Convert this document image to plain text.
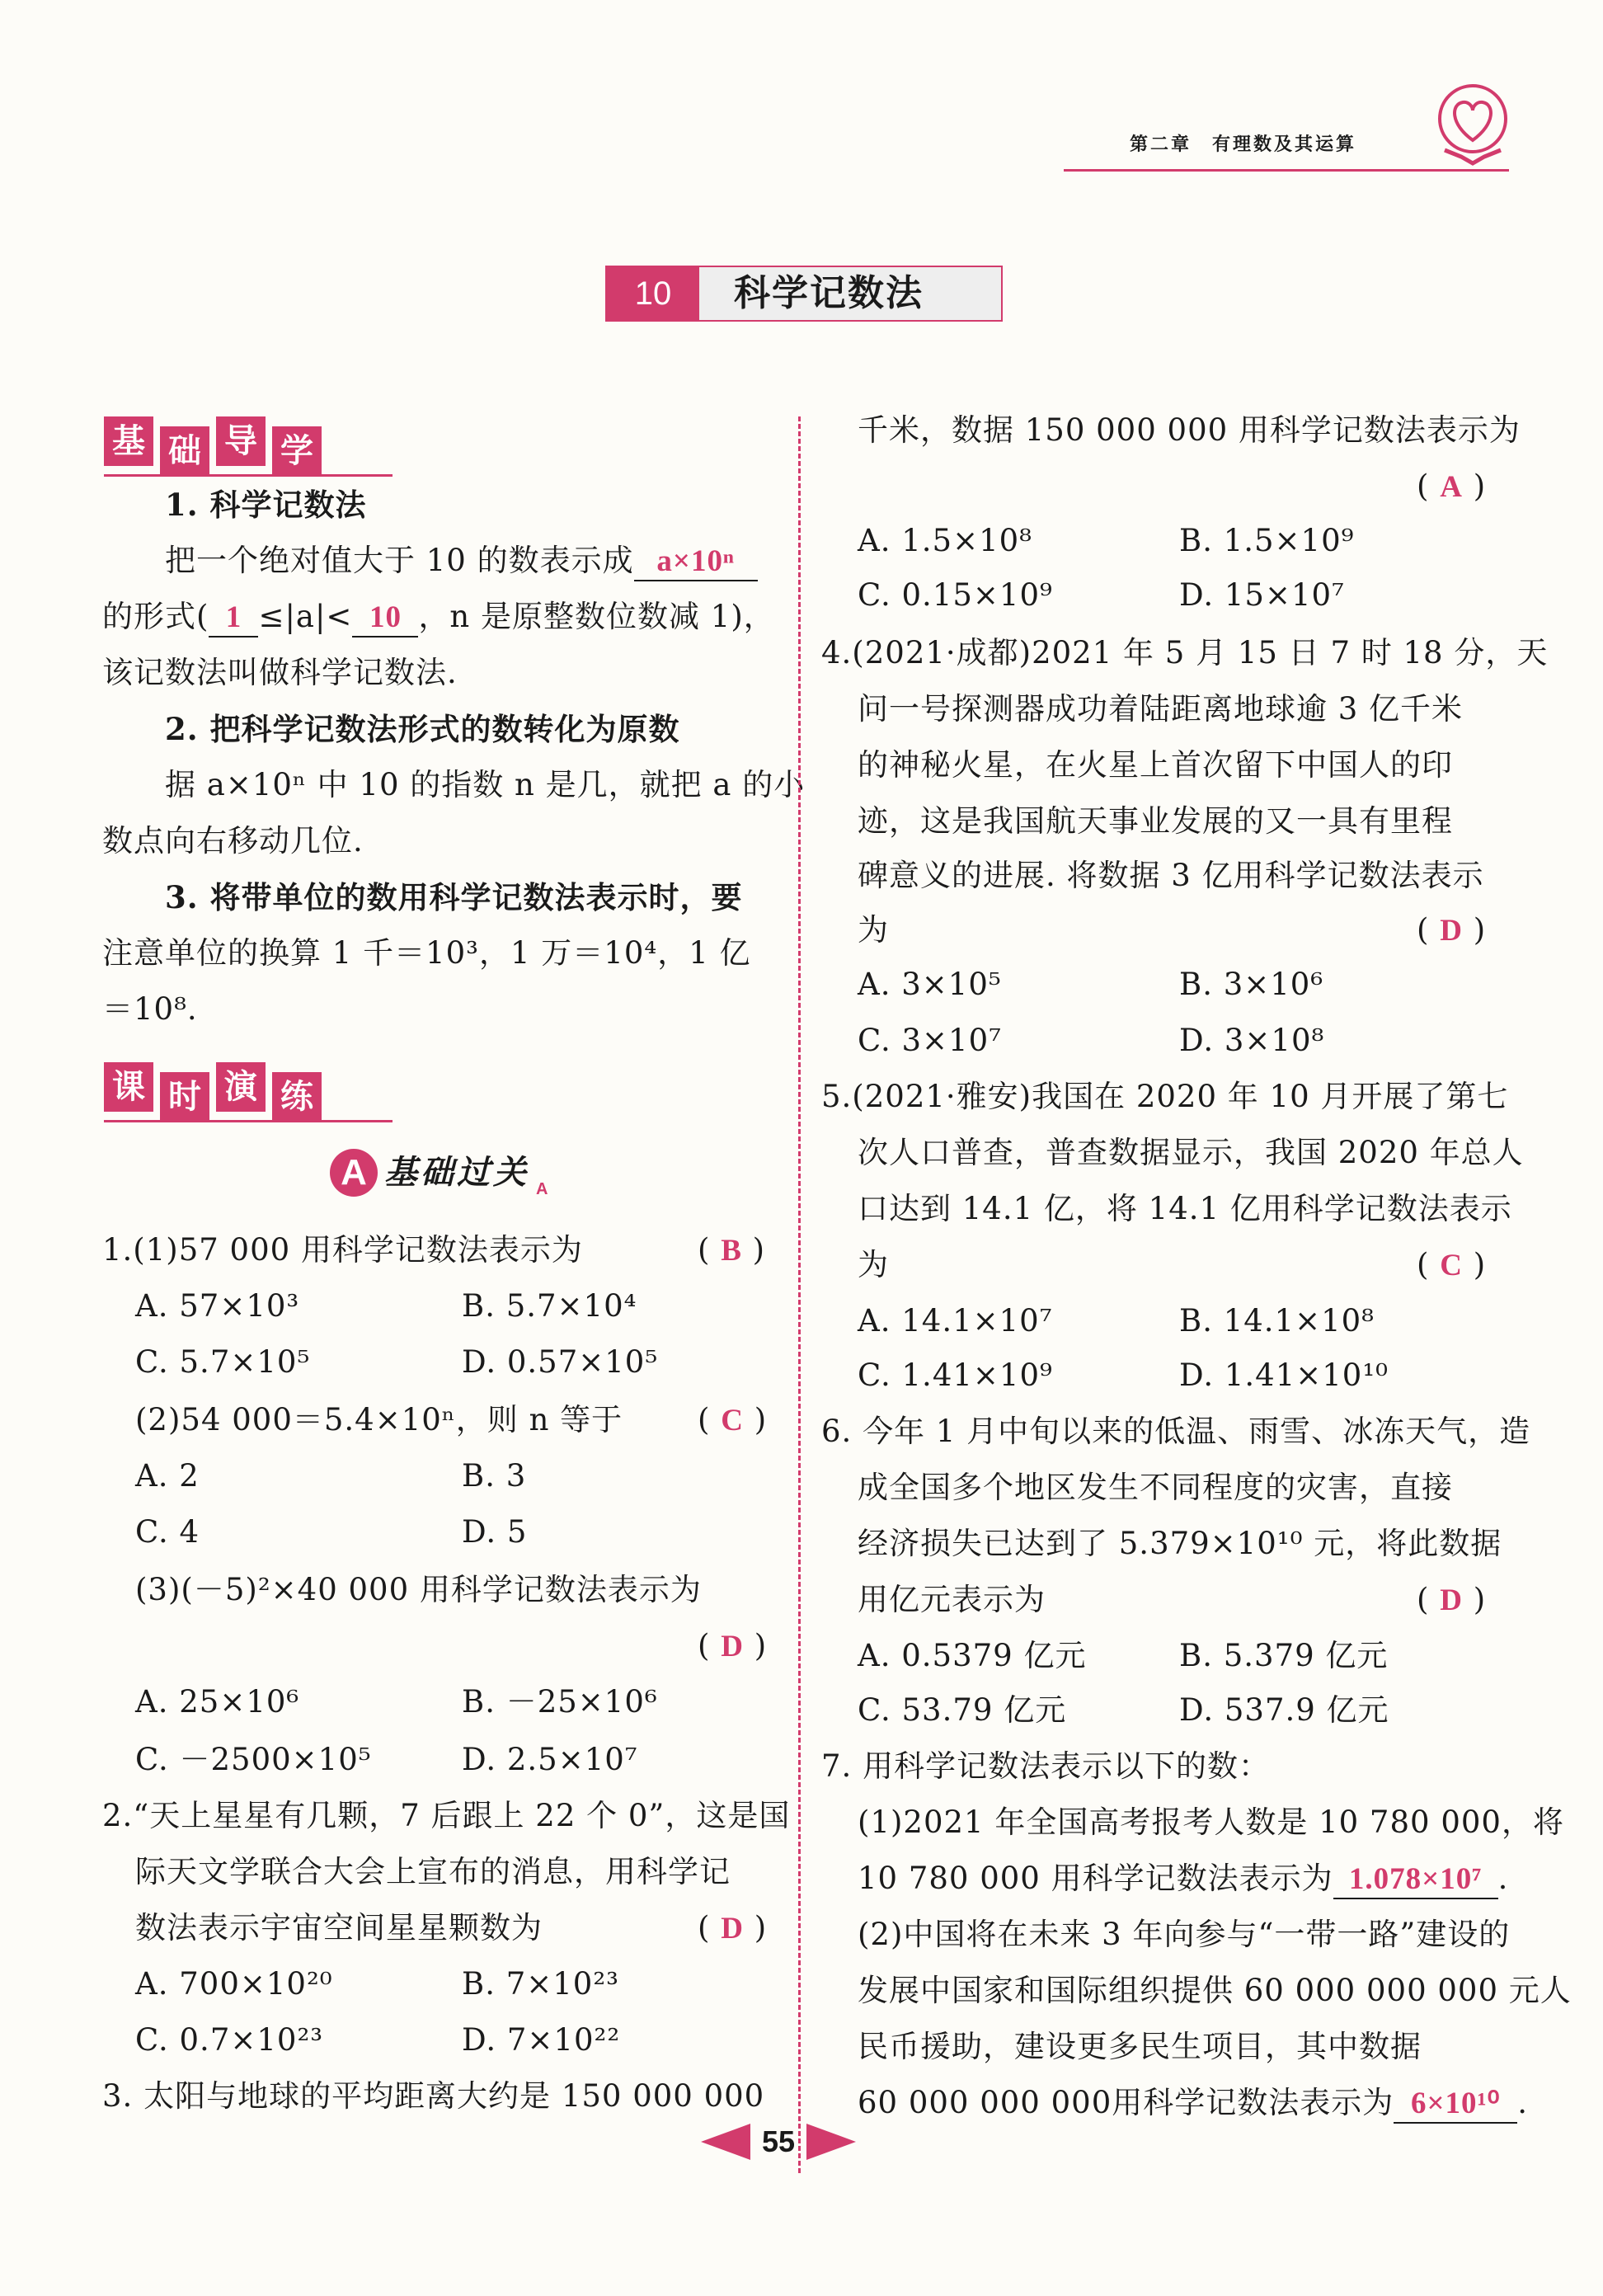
第二章　有理数及其运算
10	科学记数法
基 础 导 学
1. 科学记数法
把一个绝对值大于 10 的数表示成 a×10ⁿ
的形式( 1 ≤|a|< 10 ，n 是原整数位数减 1)，
该记数法叫做科学记数法.
2. 把科学记数法形式的数转化为原数
据 a×10ⁿ 中 10 的指数 n 是几，就把 a 的小
数点向右移动几位.
3. 将带单位的数用科学记数法表示时，要
注意单位的换算 1 千＝10³，1 万＝10⁴，1 亿
＝10⁸.
课 时 演 练
A 基础过关 A
1.(1)57 000 用科学记数法表示为	( B )
A. 57×10³	B. 5.7×10⁴
C. 5.7×10⁵	D. 0.57×10⁵
(2)54 000＝5.4×10ⁿ，则 n 等于 ( C )
A. 2	B. 3
C. 4	D. 5
(3)(－5)²×40 000 用科学记数法表示为
( D )
A. 25×10⁶	B. －25×10⁶
C. －2500×10⁵	D. 2.5×10⁷
2.“天上星星有几颗，7 后跟上 22 个 0”，这是国
际天文学联合大会上宣布的消息，用科学记
数法表示宇宙空间星星颗数为	( D )
A. 700×10²⁰	B. 7×10²³
C. 0.7×10²³	D. 7×10²²
3. 太阳与地球的平均距离大约是 150 000 000
千米，数据 150 000 000 用科学记数法表示为
( A )
A. 1.5×10⁸	B. 1.5×10⁹
C. 0.15×10⁹	D. 15×10⁷
4.(2021·成都)2021 年 5 月 15 日 7 时 18 分，天
问一号探测器成功着陆距离地球逾 3 亿千米
的神秘火星，在火星上首次留下中国人的印
迹，这是我国航天事业发展的又一具有里程
碑意义的进展. 将数据 3 亿用科学记数法表示
为	( D )
A. 3×10⁵	B. 3×10⁶
C. 3×10⁷	D. 3×10⁸
5.(2021·雅安)我国在 2020 年 10 月开展了第七
次人口普查，普查数据显示，我国 2020 年总人
口达到 14.1 亿，将 14.1 亿用科学记数法表示
为	( C )
A. 14.1×10⁷	B. 14.1×10⁸
C. 1.41×10⁹	D. 1.41×10¹⁰
6. 今年 1 月中旬以来的低温、雨雪、冰冻天气，造
成全国多个地区发生不同程度的灾害，直接
经济损失已达到了 5.379×10¹⁰ 元，将此数据
用亿元表示为	( D )
A. 0.5379 亿元	B. 5.379 亿元
C. 53.79 亿元	D. 537.9 亿元
7. 用科学记数法表示以下的数：
(1)2021 年全国高考报考人数是 10 780 000，将
10 780 000 用科学记数法表示为 1.078×10⁷ .
(2)中国将在未来 3 年向参与“一带一路”建设的
发展中国家和国际组织提供 60 000 000 000 元人
民币援助，建设更多民生项目，其中数据
60 000 000 000用科学记数法表示为 6×10¹⁰ .
55
